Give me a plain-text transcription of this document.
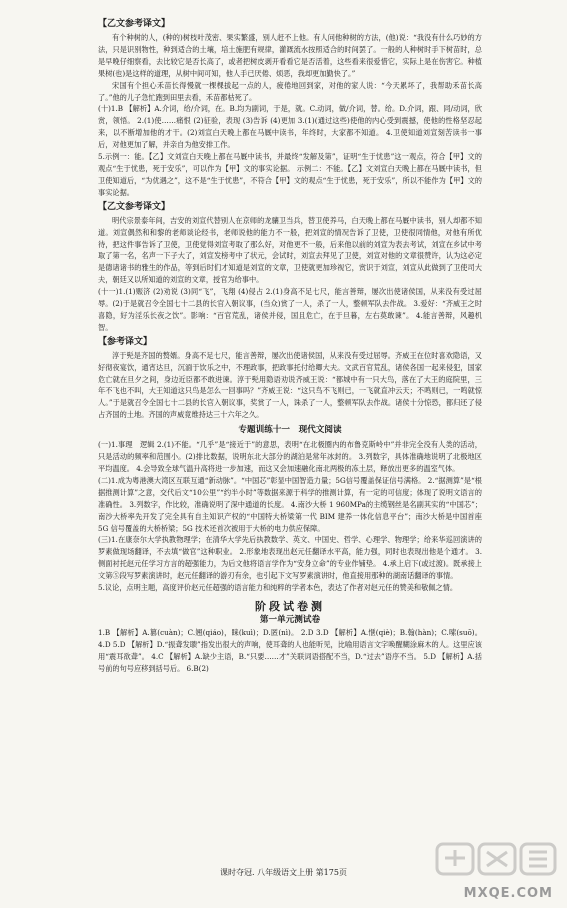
【乙文参考译文】

有个种树的人，(种的)树枝叶茂密、果实繁盛，别人赶不上他。有人问他种树的方法，(他)说：“我没有什么巧妙的方法，只是识别物性，种到适合的土壤，培土施肥有规律，灌溉流水按照适合的时间罢了。一般的人种树时手下树苗时，总是早晚仔细察看，去比较它是否长高了，或者把树皮剥开看看它是否活着，这些看来很爱惜它，实际上是在伤害它。种植果树(也)是这样的道理，从树中间可知，他人手已厌倦、烦恶，我却更加勤快了。”

宋国有个担心禾苗长得慢就一棵棵拔起一点的人，疲倦地回到家，对他的家人说：“今天累坏了，我帮助禾苗长高了。”他的儿子急忙跑到田里去看，禾苗都枯死了。

(十)1.B 【解析】A.介词，给/介词，在。B.均为副词，于是，就。C.动词，做/介词，替。给。D.介词，跟、同/动词，欣赏，领悟。 2.(1)使……痛恨 (2)征验，表现 (3)告诉 (4)更加 3.(1)(通过这些)使他的内心受到震撼，使他的性格坚忍起来，以不断增加他的才干。(2)刘宣白天晚上都在马厩中读书，年终时，大家都不知道。 4.卫使知道刘宣刻苦读书一事后，对他更加了解，并亲自为他安排工作。

5.示例一：能。【乙】文刘宣白天晚上都在马厩中读书，并最终“发解及第”，证明“生于忧患”这一观点，符合【甲】文的观点“生于忧患，死于安乐”，可以作为【甲】文的事实论据。 示例二：不能。【乙】文刘宣白天晚上都在马厩中读书，但卫使知道后，“为优遇之”，这不是“生于忧患”，不符合【甲】文的观点“生于忧患，死于安乐”，所以不能作为【甲】文的事实论据。

【乙文参考译文】

明代宗景泰年间，吉安的刘宣代替别人在京师的龙骧卫当兵，替卫使养马，白天晚上都在马厩中读书，别人却都不知道。刘宣偶然和和黎的老师谈论经书，老师说他的能力不一般，把刘宣的情况告诉了卫使，卫使很同情他，对他有所优待，把这件事告诉了卫使，卫使觉得刘宣考取了那么好，对他更不一般，后来他以前的刘宣为表去考试，刘宣在乡试中考取了第一名，名声一下子大了，刘宣发榜考中了状元，会试时，刘宣去拜见了卫使，刘宣对他的文章很赞许，认为这必定是德诸诸书的雅生的作品，等到后时们才知道是刘宣的文章，卫使就更加珍视它，赏识于刘宣，刘宣从此做到了卫使司大夫，朝廷又以所知道的刘宣的文章，授官为给事中。

(十一)1.(1)赈济 (2)劝说 (3)同“飞”，飞翔 (4)侵占 2.(1)身高不足七尺，能言善辩，屡次出使诸侯国，从来没有受过屈辱。(2)于是就召令全国七十二县的长官入朝议事，(当众)赏了一人，杀了一人，整顿军队去作战。 3.爱好：“齐威王之时喜隐，好为淫乐长夜之饮”。影响：“百官荒乱，诸侯并侵，国且危亡，在于旦暮，左右莫敢谏”。 4.能言善辩，风趣机智。

【参考译文】

淳于髡是齐国的赘婿。身高不足七尺，能言善辩，屡次出使诸侯国，从来没有受过屈辱。齐威王在位时喜欢隐语，又好彻夜宴饮，通宵达旦，沉湎于饮乐之中，不理政事，把政事托付给卿大夫。文武百官荒乱，诸侯各国一起来侵犯，国家危亡就在旦夕之间，身边近臣都不敢进谏。淳于髡用隐语劝说齐威王说：“都城中有一只大鸟，落在了大王的庭院里，三年不飞也不叫，大王知道这只鸟是怎么一回事吗？”齐威王说：“这只鸟不飞则已，一飞就直冲云天；不鸣则已，一鸣就惊人。”于是就召令全国七十二县的长官入朝议事，奖赏了一人，诛杀了一人，整顿军队去作战。诸侯十分惊恐，都归还了侵占齐国的土地。齐国的声威竟维持达三十六年之久。

专题训练十一　现代文阅读

(一)1.事理　逻辑 2.(1)不能。“几乎”是“接近于”的意思，表明“在北极圈内的布鲁克斯岭中”并非完全没有人类的活动，只是活动的频率和范围小。(2)排比数据，说明东北大部分的湖泊是常年冰封的。 3.列数字，具体准确地说明了北极地区平均温度。 4.会导致全球气温升高将进一步加速，而这又会加速融化南北两极的冻土层，释放出更多的温室气体。

(二)1.成为粤港澳大湾区互联互通“新动脉”。“中国芯”彰显中国智造力量；5G信号覆盖保证信号满格。 2.“据测算”是“根据推测计算”之意，交代后文“10公里”“约半小时”等数据来源于科学的推测计算，有一定的可信度；体现了说明文语言的准确性。 3.列数字，作比较，准确说明了深中通道的长度。 4.南沙大桥 1 960MPa的主缆钢丝是名副其实的“中国芯”；南沙大桥率先开发了完全具有自主知识产权的“中国特大桥梁第一代 BIM 建养一体化信息平台”；南沙大桥是中国首座 5G 信号覆盖的大桥桥梁；5G 技术还首次被用于大桥的电力供应保障。

(三)1.在康奈尔大学执教物理学；在清华大学先后执教数学、英文、中国史、哲学、心理学、物理学；给来华巡回演讲的罗素做现场翻译，不去填“做官”这种职业。 2.形象地表现出赵元任翻译水平高，能力强，同时也表现出他是个通才。 3.侧面衬托赵元任学习方言的超强能力，为后文他将语言学作为“安身立命”的专业作铺垫。 4.承上启下(或过渡)。既承接上文第⑤段写罗素演讲时，赵元任翻译的游刃有余，也引起下文写罗素演讲时，他直接用那种的湖南话翻译的事情。

5.议论，点明主题，高度评价赵元任超强的语言能力和纯粹的学者本色，表达了作者对赵元任的赞美和敬佩之情。

阶段试卷测

第一单元测试卷

1.B 【解析】A.篡(cuàn)；C.翘(qiáo)，睐(kuì)；D.匿(nì)。 2.D 3.D 【解析】A.惬(qiè)；B.翰(hàn)；C.嗦(suō)。 4.D 5.D 【解析】D.“振聋发聩”指发出很大的声响，使耳聋的人也能听见，比喻用语言文字唤醒糊涂麻木的人。这里应该用“震耳欲聋”。 4.C 【解析】A.缺少主语，B.“只要……才”关联词语搭配不当，D.“过去”语序不当。 5.D 【解析】A.括号前的句号应移到括号后。 6.B(2)

课时夺冠. 八年级语文上册 第175页
MXQE.COM
